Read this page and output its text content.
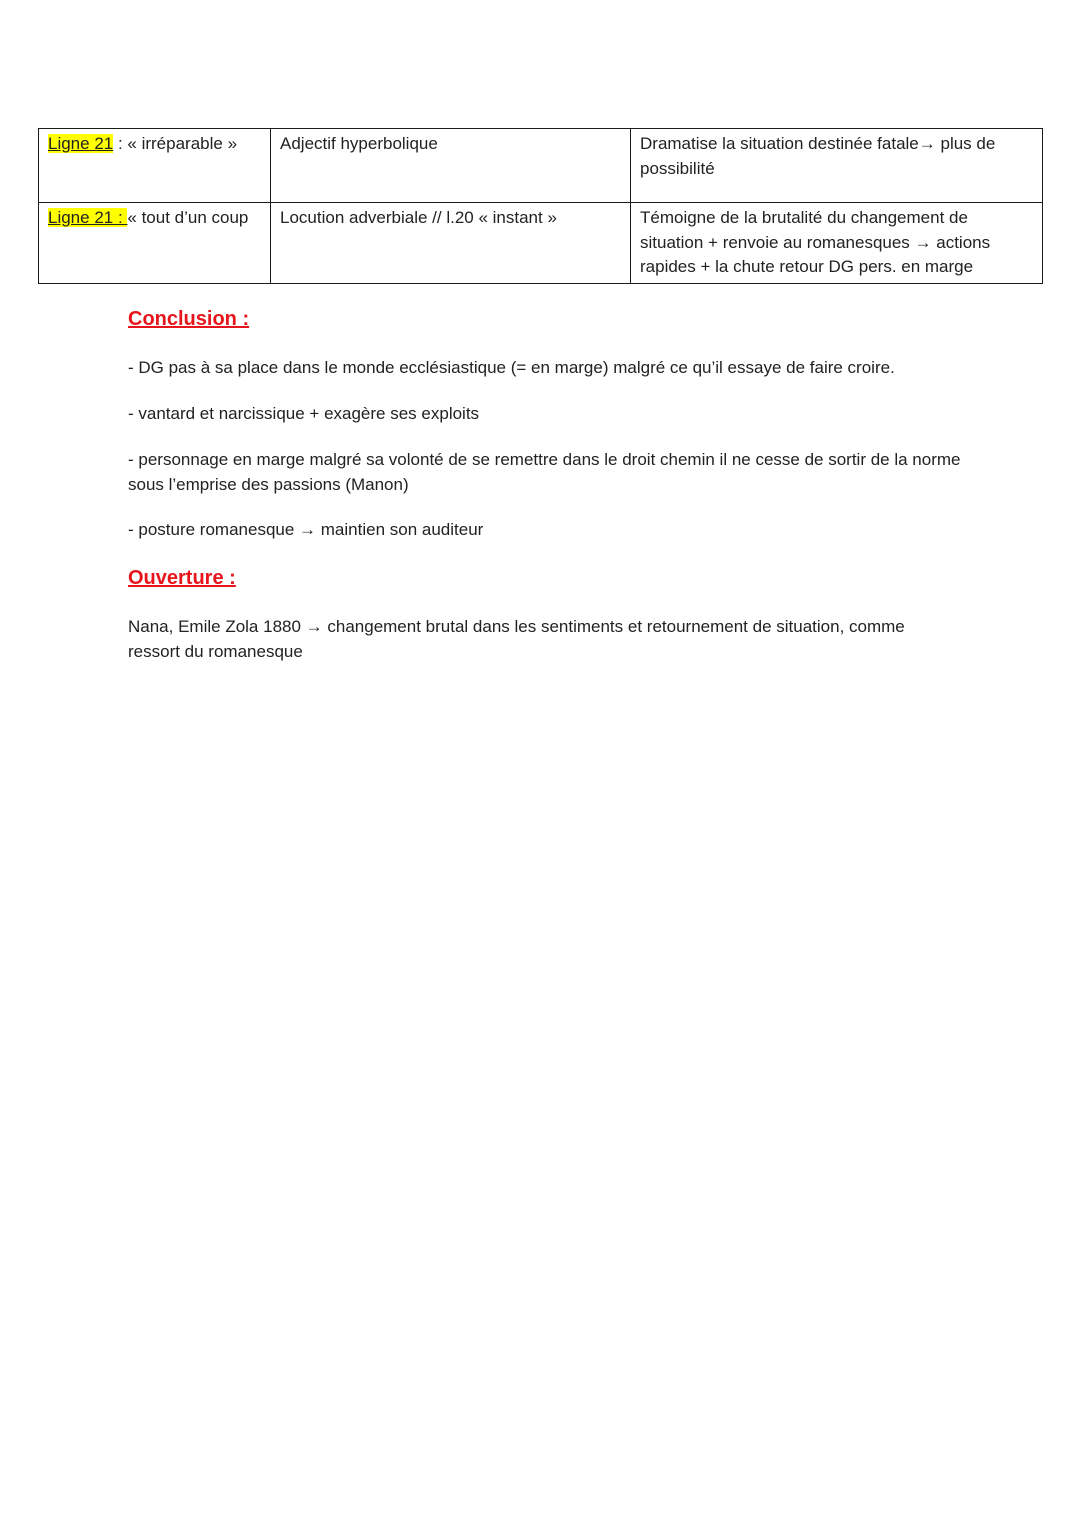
Ligne 21 : « irréparable »	Adjectif hyperbolique	Dramatise la situation destinée fatale→ plus de possibilité
Ligne 21 : « tout d’un coup	Locution adverbiale // l.20 « instant »	Témoigne de la brutalité du changement de situation + renvoie au romanesques → actions rapides + la chute retour DG pers. en marge
Conclusion :

- DG pas à sa place dans le monde ecclésiastique (= en marge) malgré ce qu’il essaye de faire croire.

- vantard et narcissique + exagère ses exploits

- personnage en marge malgré sa volonté de se remettre dans le droit chemin il ne cesse de sortir de la norme sous l’emprise des passions (Manon)

- posture romanesque → maintien son auditeur

Ouverture :

Nana, Emile Zola 1880 → changement brutal dans les sentiments et retournement de situation, comme ressort du romanesque
